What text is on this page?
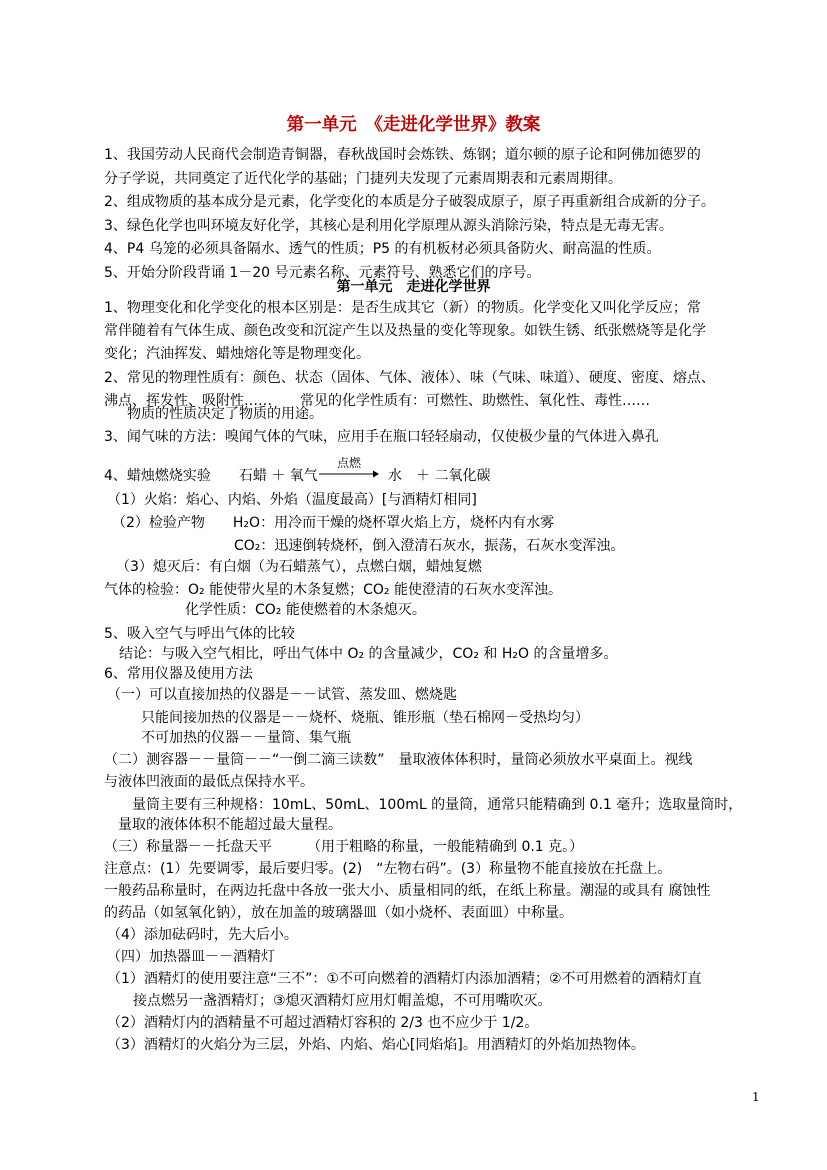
第一单元　《走进化学世界》教案
1、我国劳动人民商代会制造青铜器，春秋战国时会炼铁、炼钢；道尔顿的原子论和阿佛加德罗的
分子学说，共同奠定了近代化学的基础；门捷列夫发现了元素周期表和元素周期律。
2、组成物质的基本成分是元素，化学变化的本质是分子破裂成原子，原子再重新组合成新的分子。
3、绿色化学也叫环境友好化学，其核心是利用化学原理从源头消除污染，特点是无毒无害。
4、P4 乌笼的必须具备隔水、透气的性质；P5 的有机板材必须具备防火、耐高温的性质。
5、开始分阶段背诵 1－20 号元素名称、元素符号、熟悉它们的序号。
第一单元　走进化学世界
1、物理变化和化学变化的根本区别是：是否生成其它（新）的物质。化学变化又叫化学反应；常
常伴随着有气体生成、颜色改变和沉淀产生以及热量的变化等现象。如铁生锈、纸张燃烧等是化学
变化；汽油挥发、蜡烛熔化等是物理变化。
2、常见的物理性质有：颜色、状态（固体、气体、液体）、味（气味、味道）、硬度、密度、熔点、
沸点、挥发性、吸附性……　　常见的化学性质有：可燃性、助燃性、氧化性、毒性……
物质的性质决定了物质的用途。
3、闻气味的方法：嗅闻气体的气味，应用手在瓶口轻轻扇动，仅使极少量的气体进入鼻孔
4、蜡烛燃烧实验　　石蜡 ＋ 氧气
点燃
水　＋ 二氧化碳
（1）火焰：焰心、内焰、外焰（温度最高）[与酒精灯相同]
（2）检验产物　　H₂O：用冷而干燥的烧杯罩火焰上方，烧杯内有水雾
CO₂：迅速倒转烧杯，倒入澄清石灰水，振荡，石灰水变浑浊。
（3）熄灭后：有白烟（为石蜡蒸气），点燃白烟，蜡烛复燃
气体的检验：O₂ 能使带火星的木条复燃；CO₂ 能使澄清的石灰水变浑浊。
化学性质：CO₂ 能使燃着的木条熄灭。
5、吸入空气与呼出气体的比较
结论：与吸入空气相比，呼出气体中 O₂ 的含量减少，CO₂ 和 H₂O 的含量增多。
6、常用仪器及使用方法
（一）可以直接加热的仪器是－－试管、蒸发皿、燃烧匙
只能间接加热的仪器是－－烧杯、烧瓶、锥形瓶（垫石棉网－受热均匀）
不可加热的仪器－－量筒、集气瓶
（二）测容器－－量筒－－“一倒二滴三读数”　量取液体体积时，量筒必须放水平桌面上。视线
与液体凹液面的最低点保持水平。
量筒主要有三种规格：10mL、50mL、100mL 的量筒，通常只能精确到 0.1 毫升；选取量筒时，
量取的液体体积不能超过最大量程。
（三）称量器－－托盘天平　　　（用于粗略的称量，一般能精确到 0.1 克。）
注意点：(1）先要调零，最后要归零。(2)　“左物右码”。(3）称量物不能直接放在托盘上。
一般药品称量时，在两边托盘中各放一张大小、质量相同的纸，在纸上称量。潮湿的或具有 腐蚀性
的药品（如氢氧化钠），放在加盖的玻璃器皿（如小烧杯、表面皿）中称量。
（4）添加砝码时，先大后小。
（四）加热器皿－－酒精灯
（1）酒精灯的使用要注意“三不”：①不可向燃着的酒精灯内添加酒精；②不可用燃着的酒精灯直
接点燃另一盏酒精灯；③熄灭酒精灯应用灯帽盖熄，不可用嘴吹灭。
（2）酒精灯内的酒精量不可超过酒精灯容积的 2/3 也不应少于 1/2。
（3）酒精灯的火焰分为三层，外焰、内焰、焰心[同焰焰]。用酒精灯的外焰加热物体。
1
